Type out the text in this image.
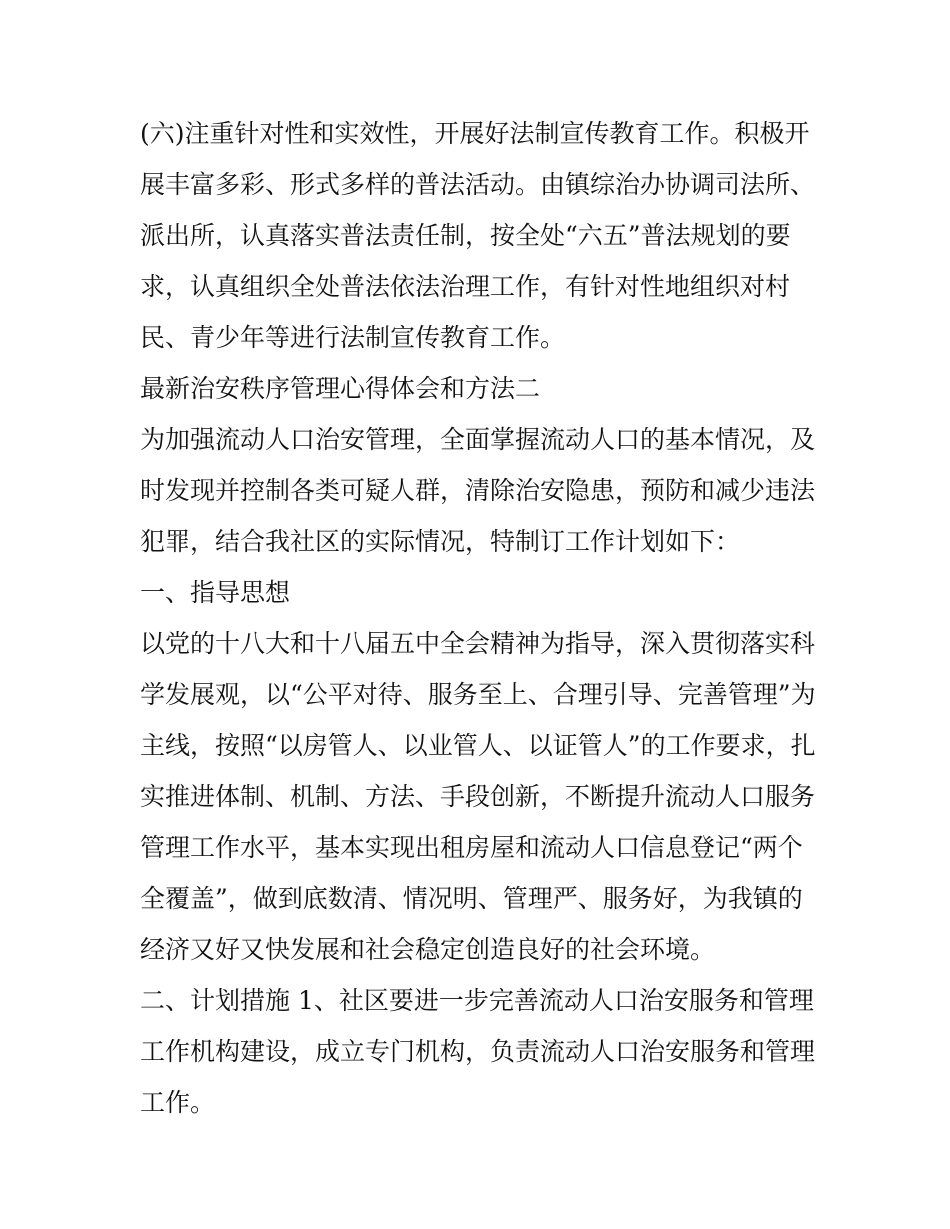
(六)注重针对性和实效性，开展好法制宣传教育工作。积极开
展丰富多彩、形式多样的普法活动。由镇综治办协调司法所、
派出所，认真落实普法责任制，按全处“六五”普法规划的要
求，认真组织全处普法依法治理工作，有针对性地组织对村
民、青少年等进行法制宣传教育工作。
最新治安秩序管理心得体会和方法二
为加强流动人口治安管理，全面掌握流动人口的基本情况，及
时发现并控制各类可疑人群，清除治安隐患，预防和减少违法
犯罪，结合我社区的实际情况，特制订工作计划如下：
一、指导思想
以党的十八大和十八届五中全会精神为指导，深入贯彻落实科
学发展观，以“公平对待、服务至上、合理引导、完善管理”为
主线，按照“以房管人、以业管人、以证管人”的工作要求，扎
实推进体制、机制、方法、手段创新，不断提升流动人口服务
管理工作水平，基本实现出租房屋和流动人口信息登记“两个
全覆盖”，做到底数清、情况明、管理严、服务好，为我镇的
经济又好又快发展和社会稳定创造良好的社会环境。
二、计划措施 1、社区要进一步完善流动人口治安服务和管理
工作机构建设，成立专门机构，负责流动人口治安服务和管理
工作。
